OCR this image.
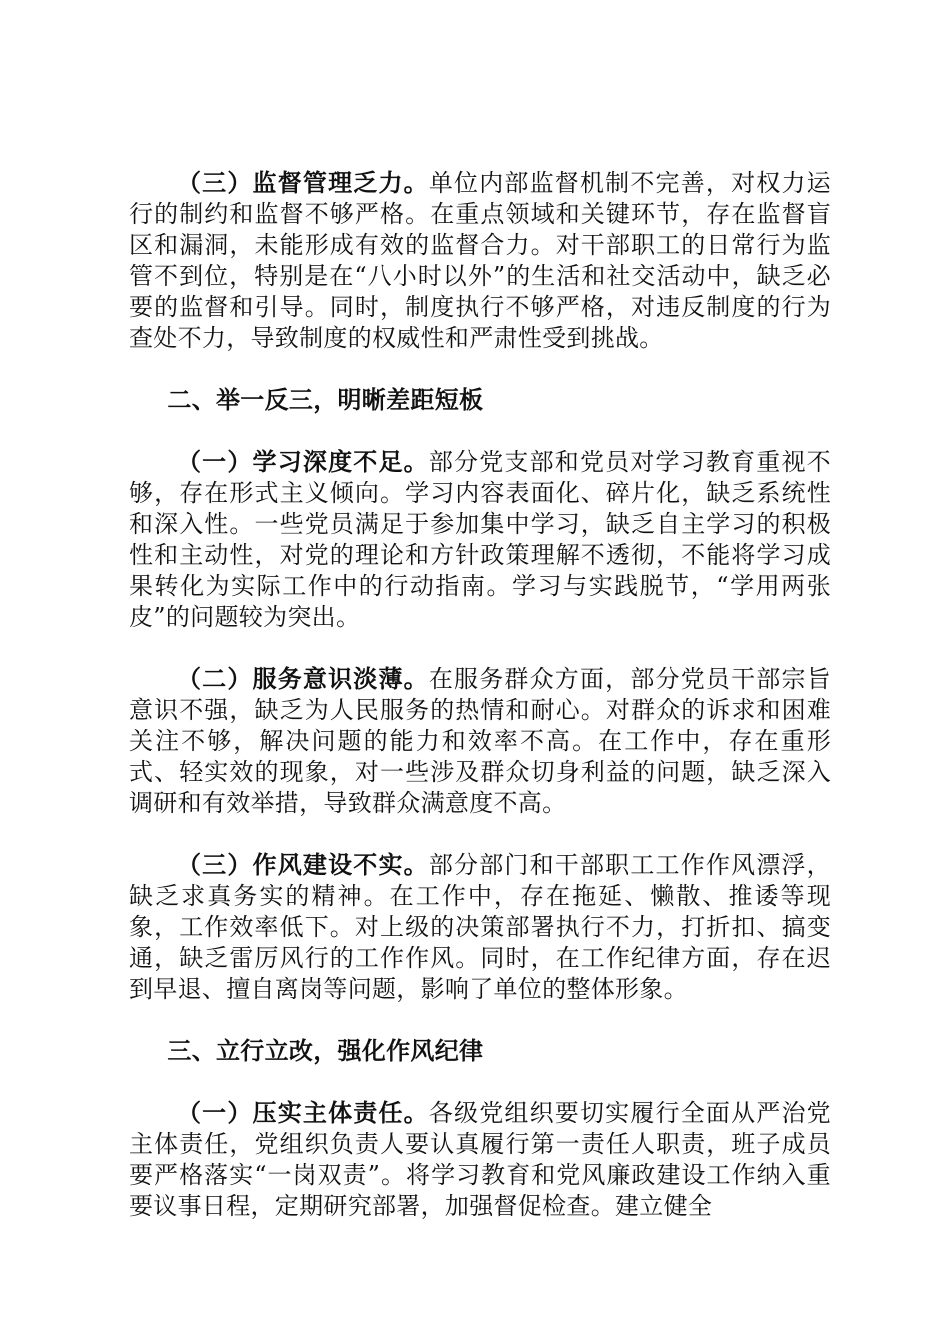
（三）监督管理乏力。单位内部监督机制不完善，对权力运行的制约和监督不够严格。在重点领域和关键环节，存在监督盲区和漏洞，未能形成有效的监督合力。对干部职工的日常行为监管不到位，特别是在“八小时以外”的生活和社交活动中，缺乏必要的监督和引导。同时，制度执行不够严格，对违反制度的行为查处不力，导致制度的权威性和严肃性受到挑战。

二、举一反三，明晰差距短板

（一）学习深度不足。部分党支部和党员对学习教育重视不够，存在形式主义倾向。学习内容表面化、碎片化，缺乏系统性和深入性。一些党员满足于参加集中学习，缺乏自主学习的积极性和主动性，对党的理论和方针政策理解不透彻，不能将学习成果转化为实际工作中的行动指南。学习与实践脱节，“学用两张皮”的问题较为突出。

（二）服务意识淡薄。在服务群众方面，部分党员干部宗旨意识不强，缺乏为人民服务的热情和耐心。对群众的诉求和困难关注不够，解决问题的能力和效率不高。在工作中，存在重形式、轻实效的现象，对一些涉及群众切身利益的问题，缺乏深入调研和有效举措，导致群众满意度不高。

（三）作风建设不实。部分部门和干部职工工作作风漂浮，缺乏求真务实的精神。在工作中，存在拖延、懒散、推诿等现象，工作效率低下。对上级的决策部署执行不力，打折扣、搞变通，缺乏雷厉风行的工作作风。同时，在工作纪律方面，存在迟到早退、擅自离岗等问题，影响了单位的整体形象。

三、立行立改，强化作风纪律

（一）压实主体责任。各级党组织要切实履行全面从严治党主体责任，党组织负责人要认真履行第一责任人职责，班子成员要严格落实“一岗双责”。将学习教育和党风廉政建设工作纳入重要议事日程，定期研究部署，加强督促检查。建立健全
